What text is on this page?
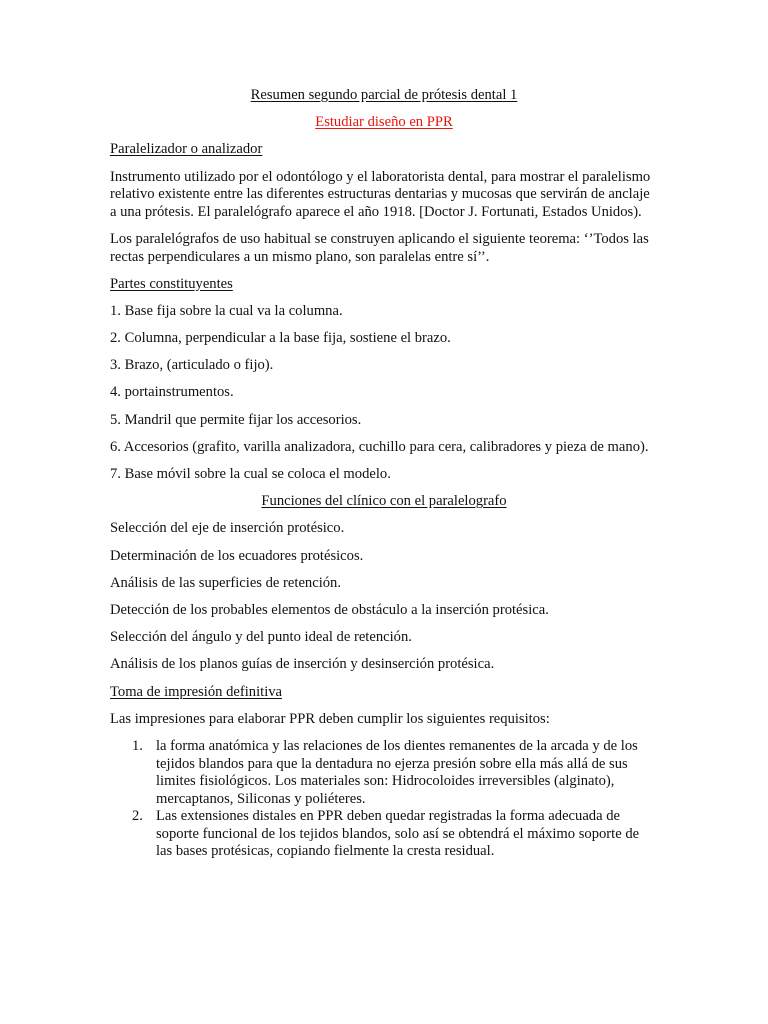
Resumen segundo parcial de prótesis dental 1

Estudiar diseño en PPR

Paralelizador o analizador

Instrumento utilizado por el odontólogo y el laboratorista dental, para mostrar el paralelismo relativo existente entre las diferentes estructuras dentarias y mucosas que servirán de anclaje a una prótesis. El paralelógrafo aparece el año 1918. [Doctor J. Fortunati, Estados Unidos).

Los paralelógrafos de uso habitual se construyen aplicando el siguiente teorema: ‘’Todos las rectas perpendiculares a un mismo plano, son paralelas entre sí’’.

Partes constituyentes

1. Base fija sobre la cual va la columna.

2. Columna, perpendicular a la base fija, sostiene el brazo.

3. Brazo, (articulado o fijo).

4. portainstrumentos.

5. Mandril que permite fijar los accesorios.

6. Accesorios (grafito, varilla analizadora, cuchillo para cera, calibradores y pieza de mano).

7. Base móvil sobre la cual se coloca el modelo.

Funciones del clínico con el paralelografo

Selección del eje de inserción protésico.

Determinación de los ecuadores protésicos.

Análisis de las superficies de retención.

Detección de los probables elementos de obstáculo a la inserción protésica.

Selección del ángulo y del punto ideal de retención.

Análisis de los planos guías de inserción y desinserción protésica.

Toma de impresión definitiva

Las impresiones para elaborar PPR deben cumplir los siguientes requisitos:

1. la forma anatómica y las relaciones de los dientes remanentes de la arcada y de los tejidos blandos para que la dentadura no ejerza presión sobre ella más allá de sus limites fisiológicos. Los materiales son: Hidrocoloides irreversibles (alginato), mercaptanos, Siliconas y poliéteres.
2. Las extensiones distales en PPR deben quedar registradas la forma adecuada de soporte funcional de los tejidos blandos, solo así se obtendrá el máximo soporte de las bases protésicas, copiando fielmente la cresta residual.
